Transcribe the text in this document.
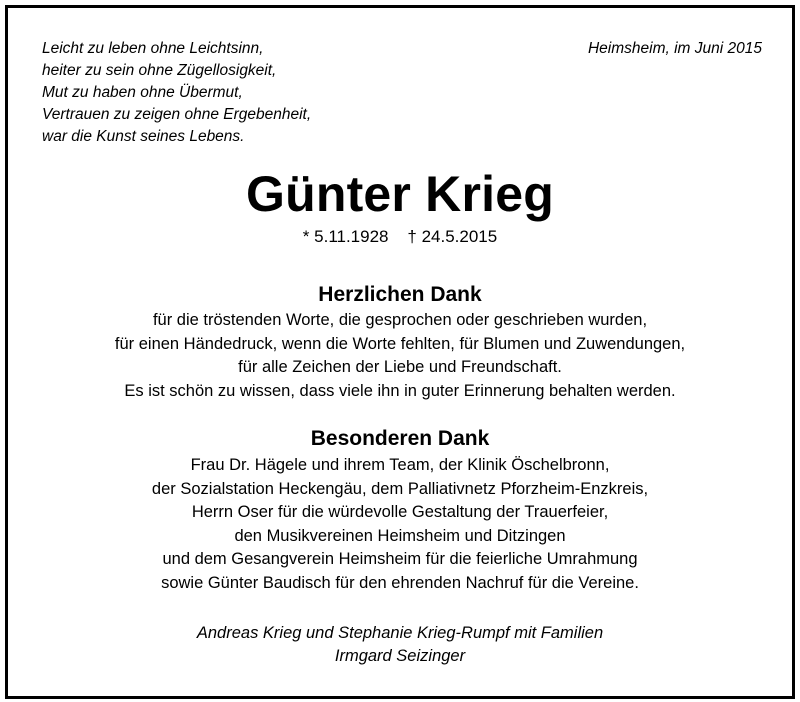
Leicht zu leben ohne Leichtsinn,
heiter zu sein ohne Zügellosigkeit,
Mut zu haben ohne Übermut,
Vertrauen zu zeigen ohne Ergebenheit,
war die Kunst seines Lebens.
Heimsheim, im Juni 2015
Günter Krieg
* 5.11.1928    † 24.5.2015
Herzlichen Dank
für die tröstenden Worte, die gesprochen oder geschrieben wurden,
für einen Händedruck, wenn die Worte fehlten, für Blumen und Zuwendungen,
für alle Zeichen der Liebe und Freundschaft.
Es ist schön zu wissen, dass viele ihn in guter Erinnerung behalten werden.
Besonderen Dank
Frau Dr. Hägele und ihrem Team, der Klinik Öschelbronn,
der Sozialstation Heckengäu, dem Palliativnetz Pforzheim-Enzkreis,
Herrn Oser für die würdevolle Gestaltung der Trauerfeier,
den Musikvereinen Heimsheim und Ditzingen
und dem Gesangverein Heimsheim für die feierliche Umrahmung
sowie Günter Baudisch für den ehrenden Nachruf für die Vereine.
Andreas Krieg und Stephanie Krieg-Rumpf mit Familien
Irmgard Seizinger
